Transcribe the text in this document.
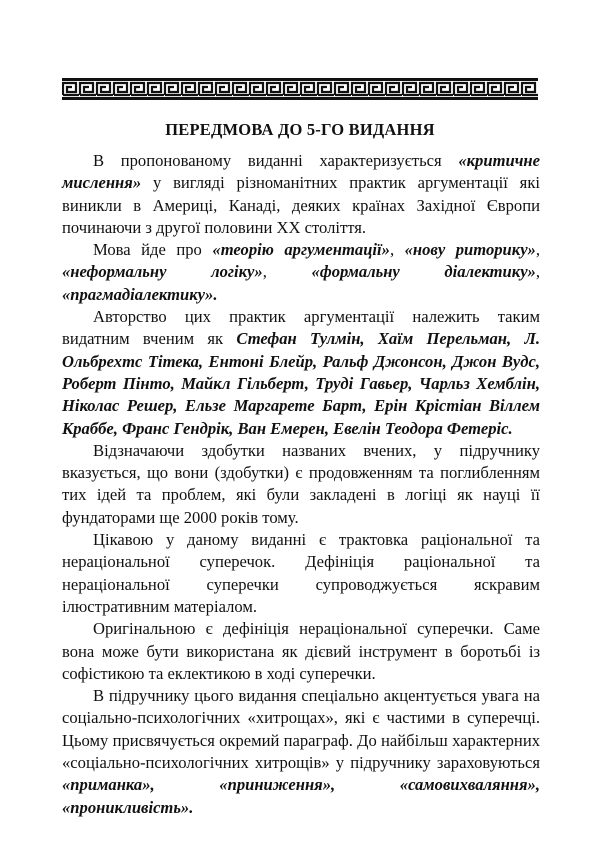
ПЕРЕДМОВА ДО 5-ГО ВИДАННЯ

В пропонованому виданні характеризується «критичне мислення» у вигляді різноманітних практик аргументації які виникли в Америці, Канаді, деяких країнах Західної Європи починаючи з другої половини XX століття.

Мова йде про «теорію аргументації», «нову риторику», «неформальну логіку», «формальну діалектику», «прагмадіалектику».

Авторство цих практик аргументації належить таким видатним вченим як Стефан Тулмін, Хаїм Перельман, Л. Ольбрехтс Тітека, Ентоні Блейр, Ральф Джонсон, Джон Вудс, Роберт Пінто, Майкл Гільберт, Труді Гавьер, Чарльз Хемблін, Ніколас Решер, Ельзе Маргарете Барт, Ерін Крістіан Віллем Краббе, Франс Гендрік, Ван Емерен, Евелін Теодора Фетеріс.

Відзначаючи здобутки названих вчених, у підручнику вказується, що вони (здобутки) є продовженням та поглибленням тих ідей та проблем, які були закладені в логіці як науці її фундаторами ще 2000 років тому.

Цікавою у даному виданні є трактовка раціональної та нераціональної суперечок. Дефініція раціональної та нераціональної суперечки супроводжується яскравим ілюстративним матеріалом.

Оригінальною є дефініція нераціональної суперечки. Саме вона може бути використана як дієвий інструмент в боротьбі із софістикою та еклектикою в ході суперечки.

В підручнику цього видання спеціально акцентується увага на соціально-психологічних «хитрощах», які є частими в суперечці. Цьому присвячується окремий параграф. До найбільш характерних «соціально-психологічних хитрощів» у підручнику зараховуються «приманка», «приниження», «самовихваляння», «проникливість».
